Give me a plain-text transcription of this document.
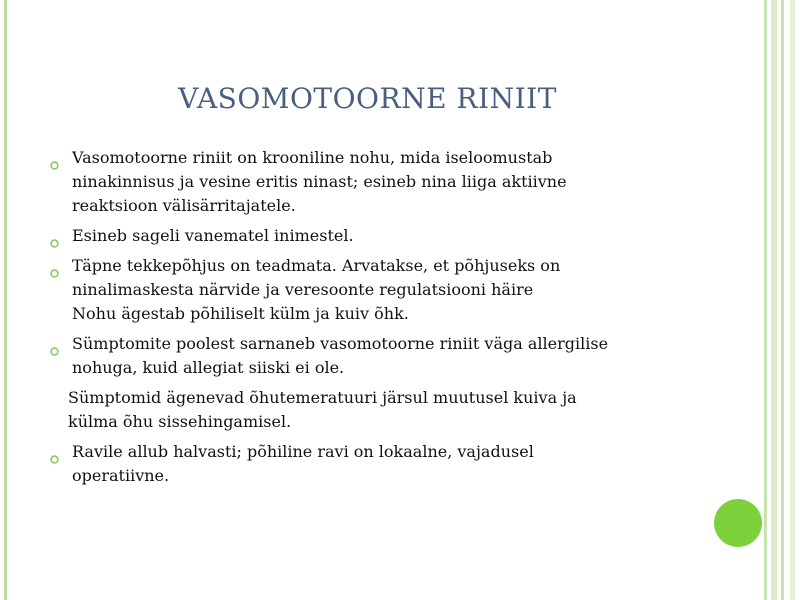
VASOMOTOORNE RINIIT
Vasomotoorne riniit on krooniline nohu, mida iseloomustab
ninakinnisus ja vesine eritis ninast; esineb nina liiga aktiivne
reaktsioon välisärritajatele.
Esineb sageli vanematel inimestel.
Täpne tekkepõhjus on teadmata. Arvatakse, et põhjuseks on
ninalimaskesta närvide ja veresoonte regulatsiooni häire
Nohu ägestab põhiliselt külm ja kuiv õhk.
Sümptomite poolest sarnaneb vasomotoorne riniit väga allergilise
nohuga, kuid allegiat siiski ei ole.
Sümptomid ägenevad õhutemeratuuri järsul muutusel kuiva ja
külma õhu sissehingamisel.
Ravile allub halvasti; põhiline ravi on lokaalne, vajadusel
operatiivne.
